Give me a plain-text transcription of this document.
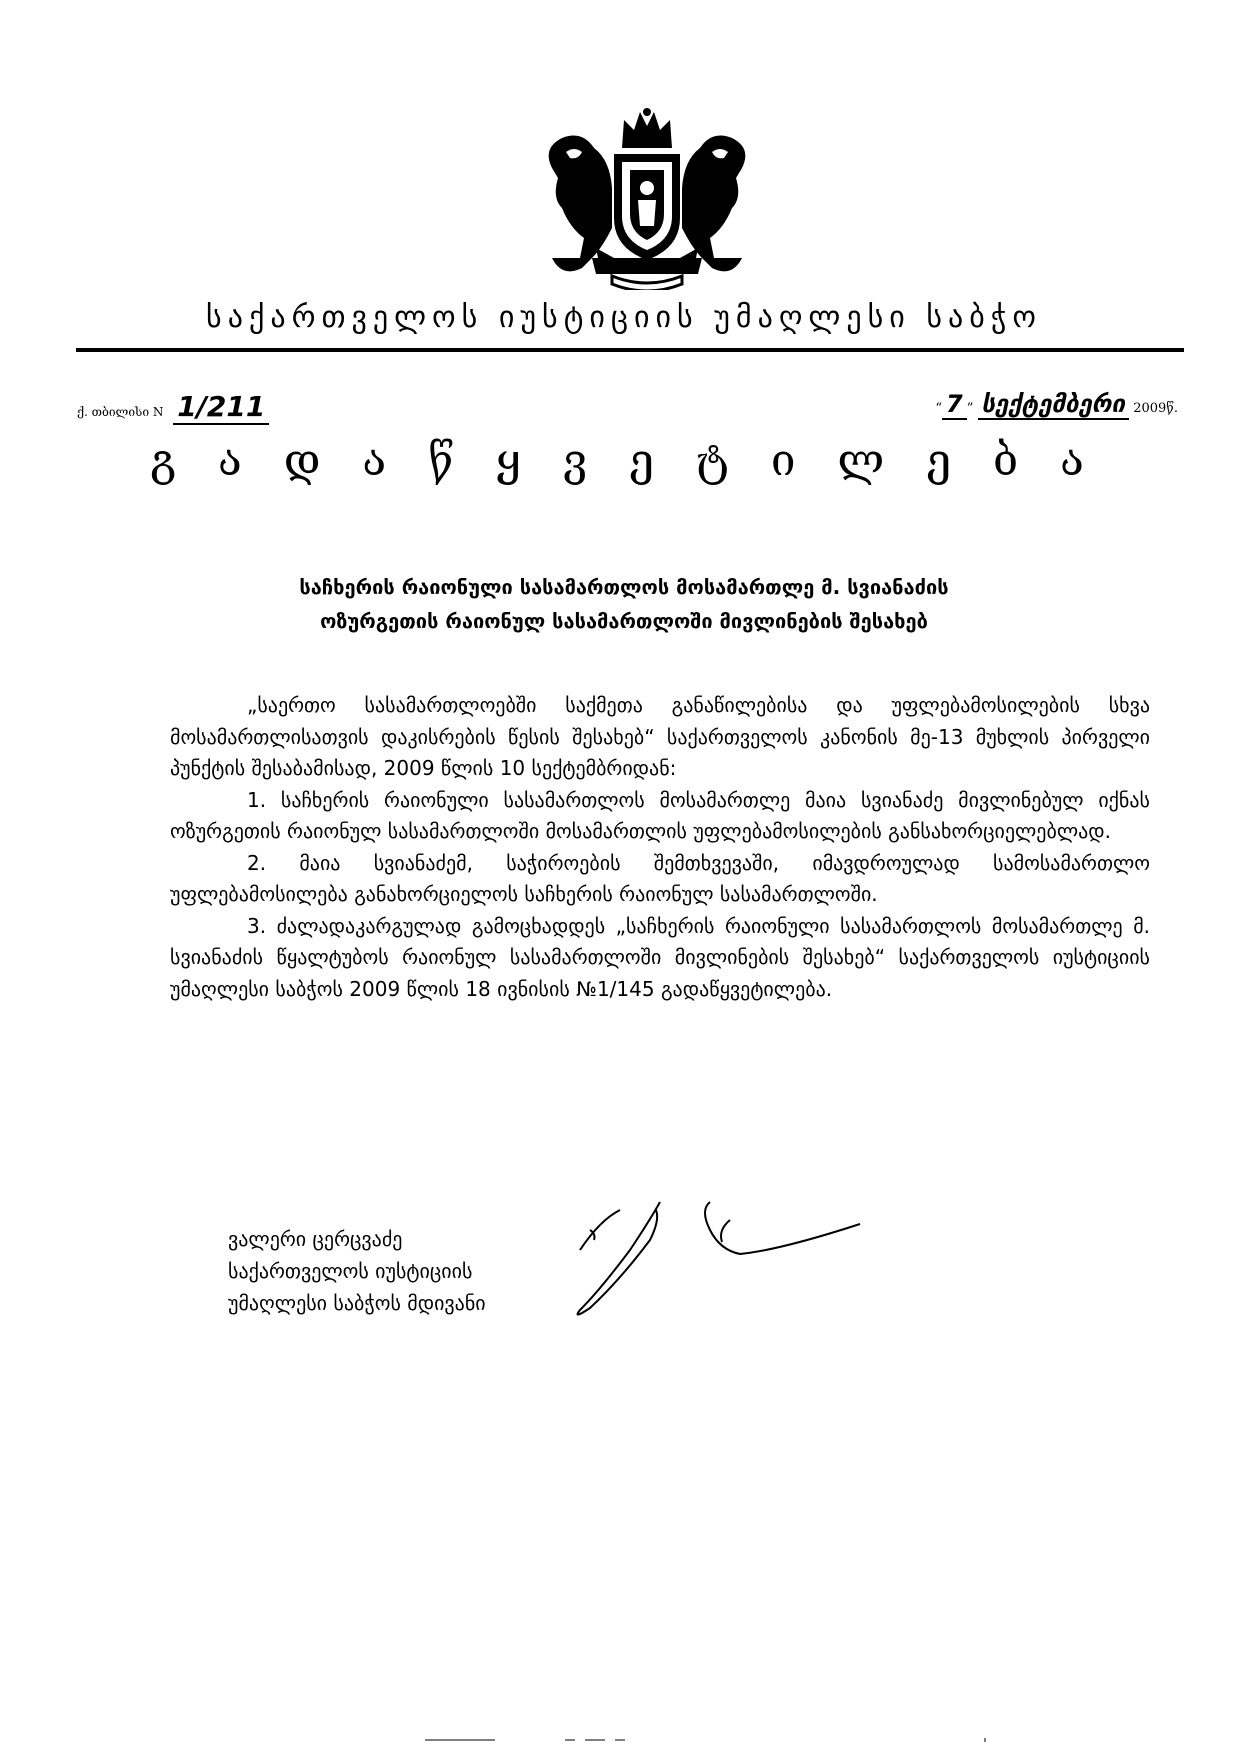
საქართველოს იუსტიციის უმაღლესი საბჭო
ქ. თბილისი N 1/211	“ 7 ” სექტემბერი 2009წ.
გ ა დ ა წ ყ ვ ე ტ ი ლ ე ბ ა
საჩხერის რაიონული სასამართლოს მოსამართლე მ. სვიანაძის
ოზურგეთის რაიონულ სასამართლოში მივლინების შესახებ

„საერთო სასამართლოებში საქმეთა განაწილებისა და უფლებამოსილების სხვა მოსამართლისათვის დაკისრების წესის შესახებ“ საქართველოს კანონის მე-13 მუხლის პირველი პუნქტის შესაბამისად, 2009 წლის 10 სექტემბრიდან:

1. საჩხერის რაიონული სასამართლოს მოსამართლე მაია სვიანაძე მივლინებულ იქნას ოზურგეთის რაიონულ სასამართლოში მოსამართლის უფლებამოსილების განსახორციელებლად.

2. მაია სვიანაძემ, საჭიროების შემთხვევაში, იმავდროულად სამოსამართლო უფლებამოსილება განახორციელოს საჩხერის რაიონულ სასამართლოში.

3. ძალადაკარგულად გამოცხადდეს „საჩხერის რაიონული სასამართლოს მოსამართლე მ. სვიანაძის წყალტუბოს რაიონულ სასამართლოში მივლინების შესახებ“ საქართველოს იუსტიციის უმაღლესი საბჭოს 2009 წლის 18 ივნისის №1/145 გადაწყვეტილება.

ვალერი ცერცვაძე
საქართველოს იუსტიციის
უმაღლესი საბჭოს მდივანი
